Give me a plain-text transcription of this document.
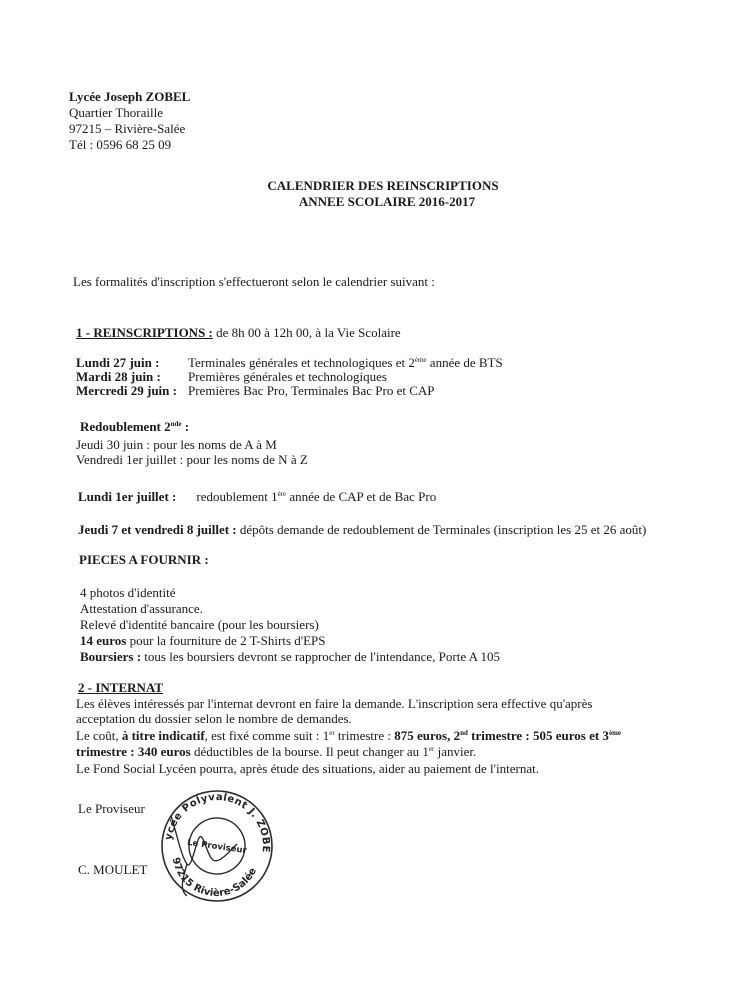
Lycée Joseph ZOBEL
Quartier Thoraille
97215 – Rivière-Salée
Tél : 0596 68 25 09
CALENDRIER DES REINSCRIPTIONS
ANNEE SCOLAIRE 2016-2017
Les formalités d'inscription s'effectueront selon le calendrier suivant :
1 - REINSCRIPTIONS : de 8h 00 à 12h 00, à la Vie Scolaire
Lundi 27 juin : Terminales générales et technologiques et 2ème année de BTS
Mardi 28 juin : Premières générales et technologiques
Mercredi 29 juin : Premières Bac Pro, Terminales Bac Pro et CAP
Redoublement 2nde :
Jeudi 30 juin : pour les noms de A à M
Vendredi 1er juillet : pour les noms de N à Z
Lundi 1er juillet : redoublement 1ère année de CAP et de Bac Pro
Jeudi 7 et vendredi 8 juillet : dépôts demande de redoublement de Terminales (inscription les 25 et 26 août)
PIECES A FOURNIR :
4 photos d'identité
Attestation d'assurance.
Relevé d'identité bancaire (pour les boursiers)
14 euros pour la fourniture de 2 T-Shirts d'EPS
Boursiers : tous les boursiers devront se rapprocher de l'intendance, Porte A 105
2 - INTERNAT
Les élèves intéressés par l'internat devront en faire la demande. L'inscription sera effective qu'après
acceptation du dossier selon le nombre de demandes.
Le coût, à titre indicatif, est fixé comme suit : 1er trimestre : 875 euros, 2nd trimestre : 505 euros et 3ème
trimestre : 340 euros déductibles de la bourse. Il peut changer au 1er janvier.
Le Fond Social Lycéen pourra, après étude des situations, aider au paiement de l'internat.
Le Proviseur
C. MOULET
Lycée Polyvalent J. ZOBEL
97215 Rivière-Salée
Le Proviseur
